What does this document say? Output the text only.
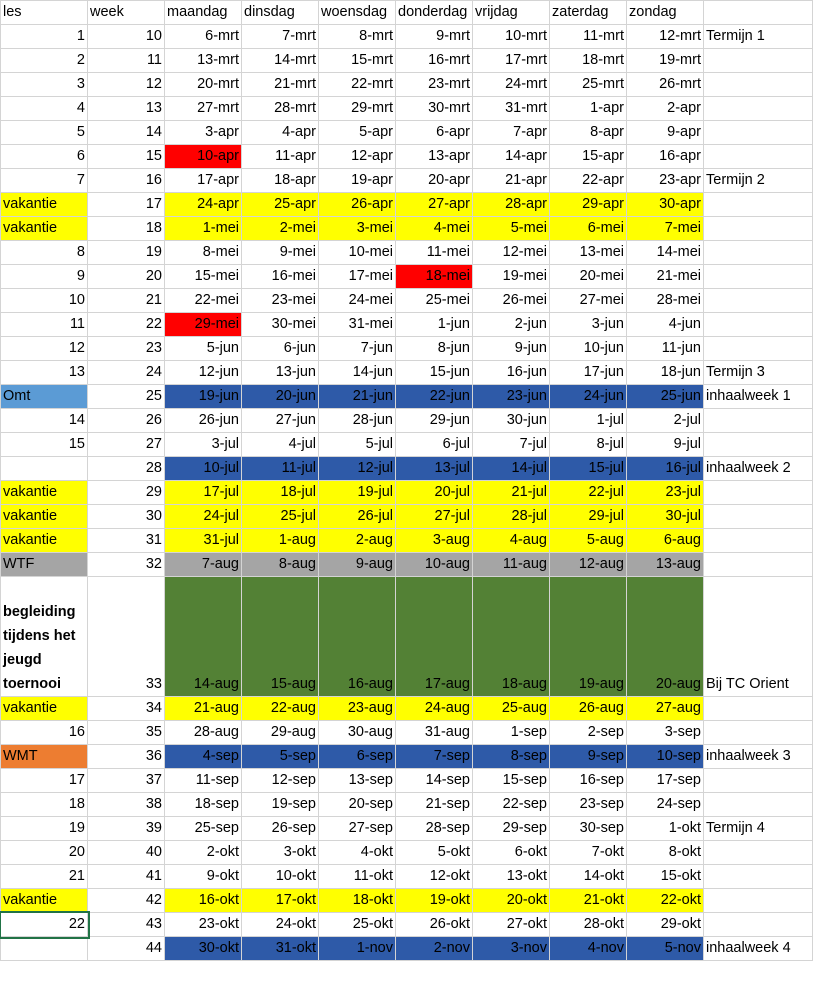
les	week	maandag	dinsdag	woensdag	donderdag	vrijdag	zaterdag	zondag	
1	10	6-mrt	7-mrt	8-mrt	9-mrt	10-mrt	11-mrt	12-mrt	Termijn 1
2	11	13-mrt	14-mrt	15-mrt	16-mrt	17-mrt	18-mrt	19-mrt	
3	12	20-mrt	21-mrt	22-mrt	23-mrt	24-mrt	25-mrt	26-mrt	
4	13	27-mrt	28-mrt	29-mrt	30-mrt	31-mrt	1-apr	2-apr	
5	14	3-apr	4-apr	5-apr	6-apr	7-apr	8-apr	9-apr	
6	15	10-apr	11-apr	12-apr	13-apr	14-apr	15-apr	16-apr	
7	16	17-apr	18-apr	19-apr	20-apr	21-apr	22-apr	23-apr	Termijn 2
vakantie	17	24-apr	25-apr	26-apr	27-apr	28-apr	29-apr	30-apr	
vakantie	18	1-mei	2-mei	3-mei	4-mei	5-mei	6-mei	7-mei	
8	19	8-mei	9-mei	10-mei	11-mei	12-mei	13-mei	14-mei	
9	20	15-mei	16-mei	17-mei	18-mei	19-mei	20-mei	21-mei	
10	21	22-mei	23-mei	24-mei	25-mei	26-mei	27-mei	28-mei	
11	22	29-mei	30-mei	31-mei	1-jun	2-jun	3-jun	4-jun	
12	23	5-jun	6-jun	7-jun	8-jun	9-jun	10-jun	11-jun	
13	24	12-jun	13-jun	14-jun	15-jun	16-jun	17-jun	18-jun	Termijn 3
Omt	25	19-jun	20-jun	21-jun	22-jun	23-jun	24-jun	25-jun	inhaalweek 1
14	26	26-jun	27-jun	28-jun	29-jun	30-jun	1-jul	2-jul	
15	27	3-jul	4-jul	5-jul	6-jul	7-jul	8-jul	9-jul	
	28	10-jul	11-jul	12-jul	13-jul	14-jul	15-jul	16-jul	inhaalweek 2
vakantie	29	17-jul	18-jul	19-jul	20-jul	21-jul	22-jul	23-jul	
vakantie	30	24-jul	25-jul	26-jul	27-jul	28-jul	29-jul	30-jul	
vakantie	31	31-jul	1-aug	2-aug	3-aug	4-aug	5-aug	6-aug	
WTF	32	7-aug	8-aug	9-aug	10-aug	11-aug	12-aug	13-aug	
begleiding tijdens het jeugd toernooi	33	14-aug	15-aug	16-aug	17-aug	18-aug	19-aug	20-aug	Bij TC Orient
vakantie	34	21-aug	22-aug	23-aug	24-aug	25-aug	26-aug	27-aug	
16	35	28-aug	29-aug	30-aug	31-aug	1-sep	2-sep	3-sep	
WMT	36	4-sep	5-sep	6-sep	7-sep	8-sep	9-sep	10-sep	inhaalweek 3
17	37	11-sep	12-sep	13-sep	14-sep	15-sep	16-sep	17-sep	
18	38	18-sep	19-sep	20-sep	21-sep	22-sep	23-sep	24-sep	
19	39	25-sep	26-sep	27-sep	28-sep	29-sep	30-sep	1-okt	Termijn 4
20	40	2-okt	3-okt	4-okt	5-okt	6-okt	7-okt	8-okt	
21	41	9-okt	10-okt	11-okt	12-okt	13-okt	14-okt	15-okt	
vakantie	42	16-okt	17-okt	18-okt	19-okt	20-okt	21-okt	22-okt	
22	43	23-okt	24-okt	25-okt	26-okt	27-okt	28-okt	29-okt	
	44	30-okt	31-okt	1-nov	2-nov	3-nov	4-nov	5-nov	inhaalweek 4
